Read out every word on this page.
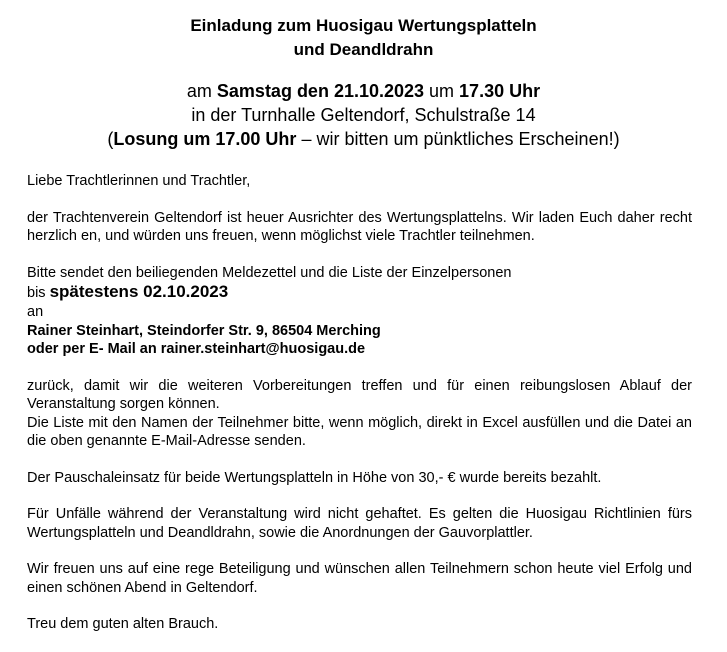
Einladung zum Huosigau Wertungsplatteln
und Deandldrahn
am Samstag den 21.10.2023 um 17.30 Uhr
in der Turnhalle Geltendorf, Schulstraße 14
(Losung um 17.00 Uhr – wir bitten um pünktliches Erscheinen!)

Liebe Trachtlerinnen und Trachtler,

der Trachtenverein Geltendorf ist heuer Ausrichter des Wertungsplattelns. Wir laden Euch daher recht herzlich en, und würden uns freuen, wenn möglichst viele Trachtler teilnehmen.

Bitte sendet den beiliegenden Meldezettel und die Liste der Einzelpersonen

bis spätestens 02.10.2023

an

Rainer Steinhart, Steindorfer Str. 9, 86504 Merching

oder per E- Mail an rainer.steinhart@huosigau.de

zurück, damit wir die weiteren Vorbereitungen treffen und für einen reibungslosen Ablauf der Veranstaltung sorgen können.

Die Liste mit den Namen der Teilnehmer bitte, wenn möglich, direkt in Excel ausfüllen und die Datei an die oben genannte E-Mail-Adresse senden.

Der Pauschaleinsatz für beide Wertungsplatteln in Höhe von 30,- € wurde bereits bezahlt.

Für Unfälle während der Veranstaltung wird nicht gehaftet. Es gelten die Huosigau Richtlinien fürs Wertungsplatteln und Deandldrahn, sowie die Anordnungen der Gauvorplattler.

Wir freuen uns auf eine rege Beteiligung und wünschen allen Teilnehmern schon heute viel Erfolg und einen schönen Abend in Geltendorf.

Treu dem guten alten Brauch.
